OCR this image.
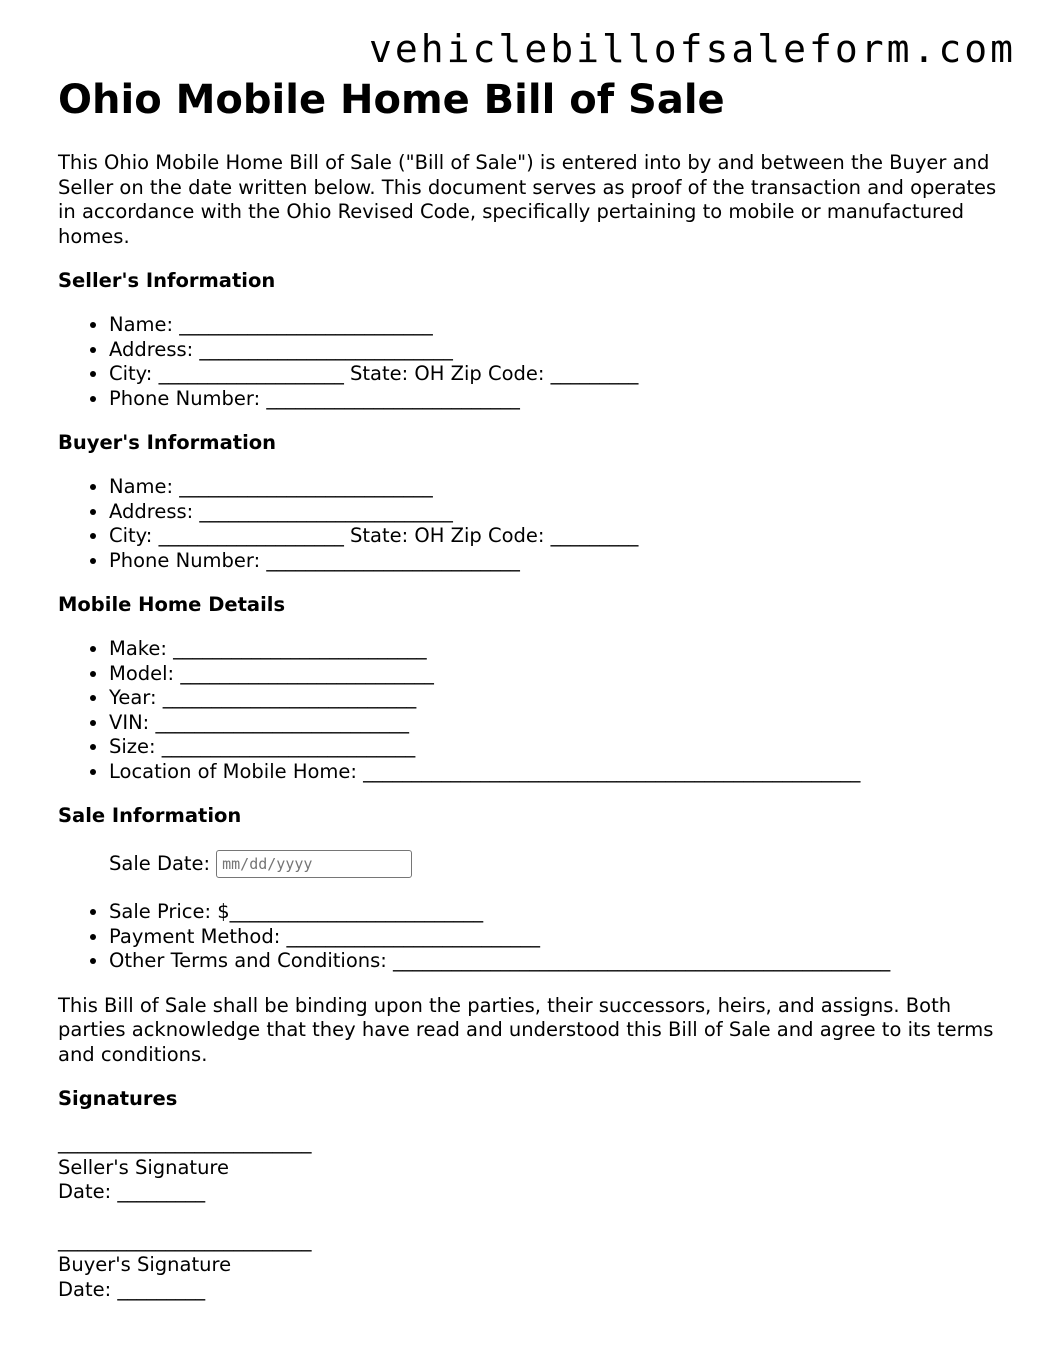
vehiclebillofsaleform.com
Ohio Mobile Home Bill of Sale

This Ohio Mobile Home Bill of Sale ("Bill of Sale") is entered into by and between the Buyer and Seller on the date written below. This document serves as proof of the transaction and operates in accordance with the Ohio Revised Code, specifically pertaining to mobile or manufactured homes.

Seller's Information
• Name: __________________________
• Address: __________________________
• City: ___________________ State: OH Zip Code: _________
• Phone Number: __________________________
Buyer's Information
• Name: __________________________
• Address: __________________________
• City: ___________________ State: OH Zip Code: _________
• Phone Number: __________________________
Mobile Home Details
• Make: __________________________
• Model: __________________________
• Year: __________________________
• VIN: __________________________
• Size: __________________________
• Location of Mobile Home: ___________________________________________________
Sale Information
Sale Date:
mm/dd/yyyy
• Sale Price: $__________________________
• Payment Method: __________________________
• Other Terms and Conditions: ___________________________________________________

This Bill of Sale shall be binding upon the parties, their successors, heirs, and assigns. Both parties acknowledge that they have read and understood this Bill of Sale and agree to its terms and conditions.

Signatures
__________________________
Seller's Signature
Date: _________
__________________________
Buyer's Signature
Date: _________
